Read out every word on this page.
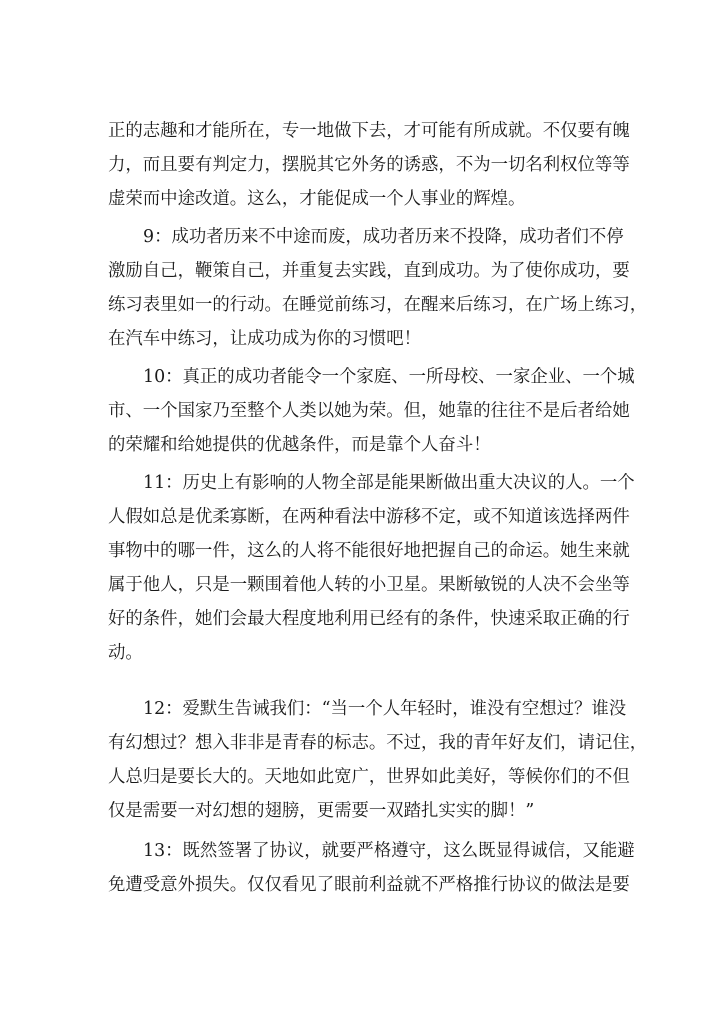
正的志趣和才能所在，专一地做下去，才可能有所成就。不仅要有魄
力，而且要有判定力，摆脱其它外务的诱惑，不为一切名利权位等等
虚荣而中途改道。这么，才能促成一个人事业的辉煌。
9：成功者历来不中途而废，成功者历来不投降，成功者们不停
激励自己，鞭策自己，并重复去实践，直到成功。为了使你成功，要
练习表里如一的行动。在睡觉前练习，在醒来后练习，在广场上练习，
在汽车中练习，让成功成为你的习惯吧！
10：真正的成功者能令一个家庭、一所母校、一家企业、一个城
市、一个国家乃至整个人类以她为荣。但，她靠的往往不是后者给她
的荣耀和给她提供的优越条件，而是靠个人奋斗！
11：历史上有影响的人物全部是能果断做出重大决议的人。一个
人假如总是优柔寡断，在两种看法中游移不定，或不知道该选择两件
事物中的哪一件，这么的人将不能很好地把握自己的命运。她生来就
属于他人，只是一颗围着他人转的小卫星。果断敏锐的人决不会坐等
好的条件，她们会最大程度地利用已经有的条件，快速采取正确的行
动。
12：爱默生告诫我们：“当一个人年轻时，谁没有空想过？谁没
有幻想过？想入非非是青春的标志。不过，我的青年好友们，请记住，
人总归是要长大的。天地如此宽广，世界如此美好，等候你们的不但
仅是需要一对幻想的翅膀，更需要一双踏扎实实的脚！”
13：既然签署了协议，就要严格遵守，这么既显得诚信，又能避
免遭受意外损失。仅仅看见了眼前利益就不严格推行协议的做法是要
